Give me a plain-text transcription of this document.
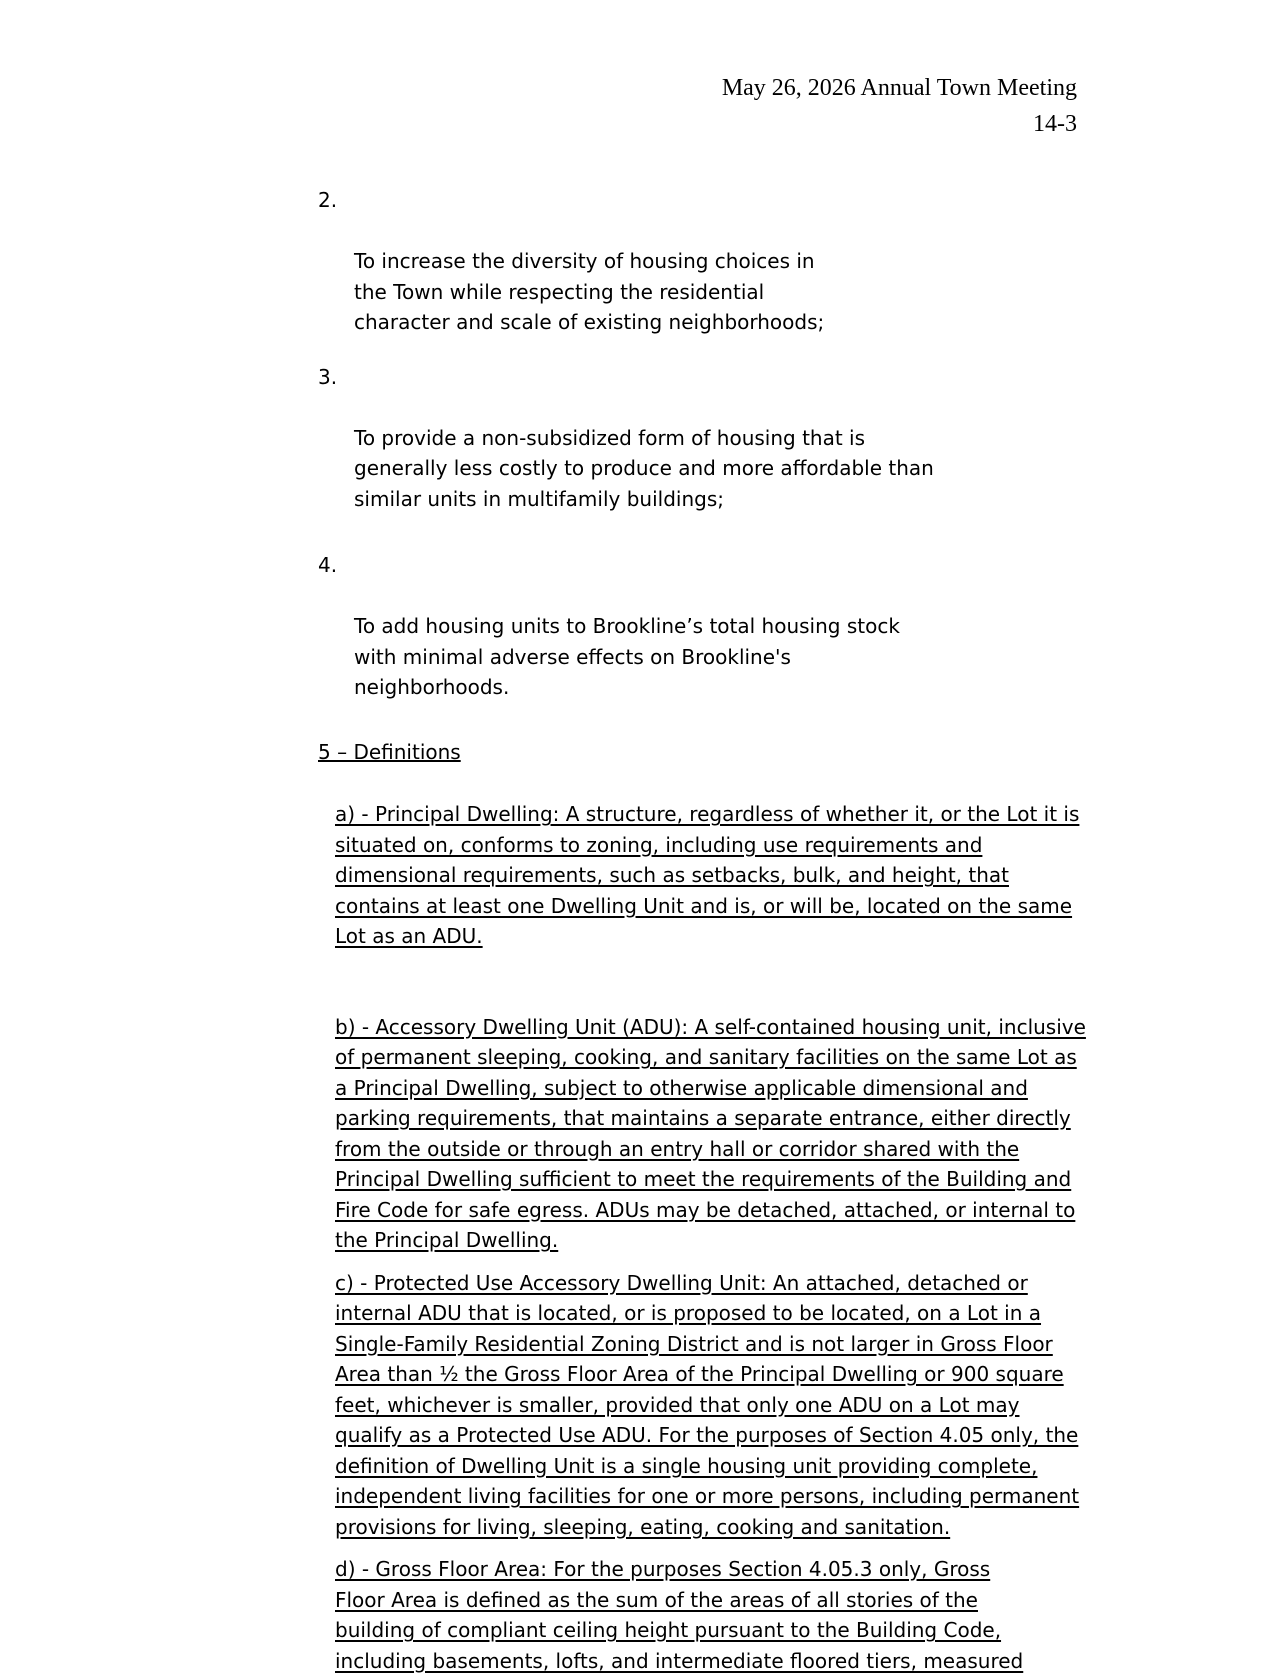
May 26, 2026 Annual Town Meeting
14-3

2.

To increase the diversity of housing choices in
the Town while respecting the residential
character and scale of existing neighborhoods;

3.

To provide a non-subsidized form of housing that is
generally less costly to produce and more affordable than
similar units in multifamily buildings;

4.

To add housing units to Brookline’s total housing stock
with minimal adverse effects on Brookline's
neighborhoods.

5 – Definitions
a) - Principal Dwelling: A structure, regardless of whether it, or the Lot it is
situated on, conforms to zoning, including use requirements and
dimensional requirements, such as setbacks, bulk, and height, that
contains at least one Dwelling Unit and is, or will be, located on the same
Lot as an ADU.
b) - Accessory Dwelling Unit (ADU): A self-contained housing unit, inclusive
of permanent sleeping, cooking, and sanitary facilities on the same Lot as
a Principal Dwelling, subject to otherwise applicable dimensional and
parking requirements, that maintains a separate entrance, either directly
from the outside or through an entry hall or corridor shared with the
Principal Dwelling sufficient to meet the requirements of the Building and
Fire Code for safe egress. ADUs may be detached, attached, or internal to
the Principal Dwelling.
c) - Protected Use Accessory Dwelling Unit: An attached, detached or
internal ADU that is located, or is proposed to be located, on a Lot in a
Single-Family Residential Zoning District and is not larger in Gross Floor
Area than ½ the Gross Floor Area of the Principal Dwelling or 900 square
feet, whichever is smaller, provided that only one ADU on a Lot may
qualify as a Protected Use ADU. For the purposes of Section 4.05 only, the
definition of Dwelling Unit is a single housing unit providing complete,
independent living facilities for one or more persons, including permanent
provisions for living, sleeping, eating, cooking and sanitation.
d) - Gross Floor Area: For the purposes Section 4.05.3 only, Gross
Floor Area is defined as the sum of the areas of all stories of the
building of compliant ceiling height pursuant to the Building Code,
including basements, lofts, and intermediate floored tiers, measured
